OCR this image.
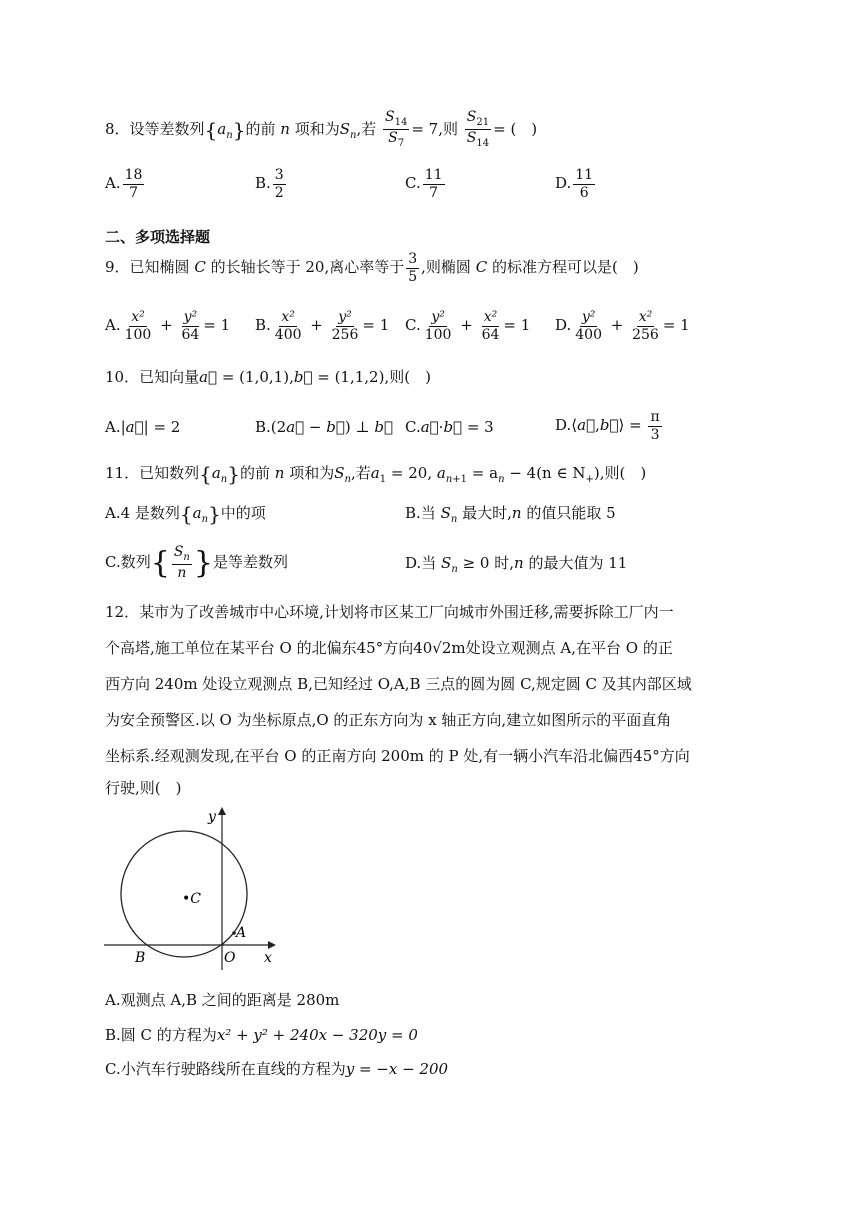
8．设等差数列$\{a_n\}$的前 n 项和为$S_n$,若 $\frac{S_{14}}{S_7} = 7$,则 $\frac{S_{21}}{S_{14}}$ = (　)
A. $\frac{18}{7}$	B. $\frac{3}{2}$	C. $\frac{11}{7}$	D. $\frac{11}{6}$
二、多项选择题
9．已知椭圆 C 的长轴长等于 20,离心率等于 $\frac{3}{5}$ ,则椭圆 C 的标准方程可以是(　)
A. $\frac{\text{x²}}{100} + \frac{\text{y²}}{64} = 1$ B. $\frac{\text{x²}}{400} + \frac{\text{y²}}{256} = 1$ C. $\frac{\text{y²}}{100} + \frac{\text{x²}}{64} = 1$ D. $\frac{\text{y²}}{400} + \frac{\text{x²}}{256} = 1$
10．已知向量a⃗ = (1,0,1),b⃗ = (1,1,2),则(　)
A.|a⃗| = 2	B.(2a⃗ − b⃗) ⊥ b⃗ C.a⃗·b⃗ = 3	D.⟨a⃗,b⃗⟩ = $\frac{\pi}{3}$
11．已知数列$\{a_n\}$的前 n 项和为$S_n$,若$a_1 = 20$, $a_{n+1} = a_n - 4(n$ ∈ $N_+$),则(　)
A.4 是数列$\{a_n\}$中的项	B.当 $S_n$ 最大时,n 的值只能取 5
C.数列{ $\frac{S_n}{n}$ }是等差数列	D.当 $S_n \ge 0$ 时,n 的最大值为 11
12．某市为了改善城市中心环境,计划将市区某工厂向城市外围迁移,需要拆除工厂内一
个高塔,施工单位在某平台 O 的北偏东45°方向40√2m处设立观测点 A,在平台 O 的正
西方向 240m 处设立观测点 B,已知经过 O,A,B 三点的圆为圆 C,规定圆 C 及其内部区域
为安全预警区.以 O 为坐标原点,O 的正东方向为 x 轴正方向,建立如图所示的平面直角
坐标系.经观测发现,在平台 O 的正南方向 200m 的 P 处,有一辆小汽车沿北偏西45°方向
行驶,则(　)
y
x
•C
A
B	O
A.观测点 A,B 之间的距离是 280m
B.圆 C 的方程为x² + y² + 240x − 320y = 0
C.小汽车行驶路线所在直线的方程为y = −x − 200
